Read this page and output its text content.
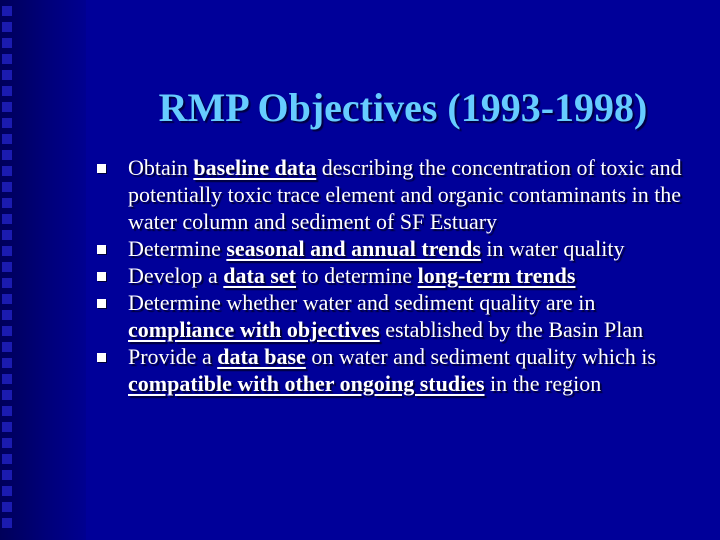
RMP Objectives (1993-1998)
Obtain baseline data describing the concentration of toxic and potentially toxic trace element and organic contaminants in the water column and sediment of SF Estuary
Determine seasonal and annual trends in water quality
Develop a data set to determine long-term trends
Determine whether water and sediment quality are in compliance with objectives established by the Basin Plan
Provide a data base on water and sediment quality which is compatible with other ongoing studies in the region
